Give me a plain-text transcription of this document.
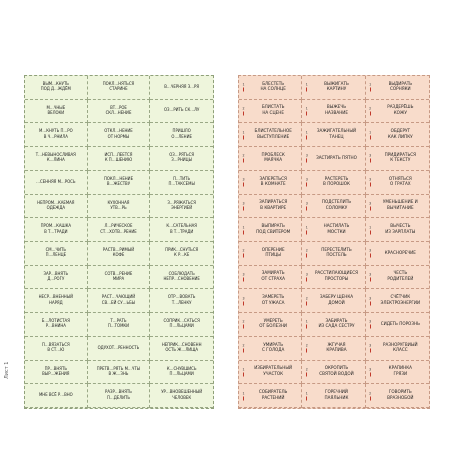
Лист 1
ВЫМ…КНУТЬ
ПОД Д…ЖДЁМ
ПОКЛ…НЯТЬСЯ
СТАРИНЕ
В…ЧЕРНЯЯ З…РЯ
М…ЧНЫЕ
ВЕЛОКИ
ВТ…РОЕ
СКЛ…НЕНИЕ
ОЗ…РИТЬ СК…ЛУ
М…КНУТЬ П…РО
В Ч…РНИЛА
ОТКЛ…НЕНИЕ
ОТ НОРМЫ
ПРИШЛО
О…ЛЕНИЕ
Т…НЕВЫНОСЛИВАЯ
К…ЛИНА
ИСП…ЛЕЕТСЯ
К П…ШЕНИЮ
ОЗ…РЯТЬСЯ
З…РНИЦЫ
…СЕННЯЯ М…РОСЬ
ПОКЛ…НЕНИЕ
В…ЖЕСТВУ
П…ТИТЬ
П…ТАКСЕМЫ
НЕПРОМ…КАЕМАЯ
ОДЕЖДА
КУХОННАЯ
УТВ…РЬ
З…РЯЖАТЬСЯ
ЭНЕРГИЕЙ
ПРОМ…КАШКА
В Т…ТРАДИ
Л…РИЧЕСКОЕ
СТ…ХОТВ…РЕНИЕ
К…САТЕЛЬНАЯ
В Т…ТРАДИ
СМ…ЧИТЬ
П…ЛЕНЦЕ
РАСТВ…РИМЫЙ
КОФЕ
ПРИК…СНУТЬСЯ
К Р…КЕ
ЗАР…ВНЯТЬ
Д…РОГУ
СОТВ…РЕНИЕ
МИРА
СОБЛЮДАТЬ
НЕПР…СНОВЕНИЕ
НЕСР…ВНЕННЫЙ
НАРЯД
РАСТ…ЧАЮЩИЙ
СВ…ЕЙ СУ…ЬБЫ
ОТР…ВОВАТЬ
Т…ЛЕНКУ
Б…ЛОТИСТАЯ
Р…ВНИНА
Т…РАТЬ
П…ТОМКИ
СОПРИК…САТЬСЯ
П…ЛЬЦАМИ
П…ВЯЗАТЬСЯ
В СТ…Ю
ОДУХОТ…РЕННОСТЬ
НЕПРИК…СНОВЕНН
ОСТЬ Ж…ЛИЩА
ПР…ВНЯТЬ
ВЫР…ЖЕНИЯ
ПРЕТВ…РЯТЬ М…ЧТЫ
В Ж…ЗНЬ
К…СНУВШИСЬ
П…ЛЬЦАМИ
МНЕ ВСЁ Р…ВНО
РАЗР…ВНЯТЬ
П…ДЕЛИТЬ
УР…ВНОВЕШЕННЫЙ
ЧЕЛОВЕК
1	БЛЕСТЕТЬ
НА СОЛНЦЕ
1	ВЫЖИГАТЬ
КАРТИНУ
1	ВЫДИРАТЬ
СОРНЯКИ
2	БЛИСТАТЬ
НА СЦЕНЕ
1	ВЫЖЕЧЬ
НАЗВАНИЕ
2	РАЗДЕРЁШЬ
КОЖУ
1 БЛИСТАТЕЛЬНОЕ
ВЫСТУПЛЕНИЕ
1 ЗАЖИГАТЕЛЬНЫЙ
ТАНЕЦ
1	ОБДЕРУТ
КАК ЛИПКУ
2	ПРОБЛЕСК
МАЯЧКА
3 ЗАСТИРАТЬ ПЯТНО	3	ПРИДИРАТЬСЯ
К ТЕКСТУ
3	ЗАПЕРЕТЬСЯ
В КОМНАТЕ
3	РАСТЕРЕТЬ
В ПОРОШОК
3	ОТНЯТЬСЯ
О ГРАТАХ
3	ЗАПИРАТЬСЯ
В КВАРТИРЕ
3	ПОДСТЕЛИТЬ
СОЛОМКУ
3	УМЕНЬШЕНИЕ И
ВЫЧИТАНИЕ
1	ВЫПИРАТЬ
ПОД СВИТЕРОМ
1	НАСТИЛАТЬ
МОСТКИ
1	ВЫЧЕСТЬ
ИЗ ЗАРПЛАТЫ
2	ОПЕРЕНИЕ
ПТИЦЫ
2	ПЕРЕСТЕЛИТЬ
ПОСТЕЛЬ
3	КРАСНОРЕЧИЕ
3	ЗАМИРАТЬ
ОТ СТРАХА
3 РАССТИЛАЮЩИЕСЯ
ПРОСТОРЫ
3	ЧЕСТЬ
РОДИТЕЛЕЙ
3	ЗАМЕРЕТЬ
ОТ УЖАСА
2	ЗАБЕРУ ЩЕНКА
ДОМОЙ
3	СЧЁТЧИК
ЭЛЕКТРОЭНЕРГИИ
2	УМЕРЕТЬ
ОТ БОЛЕЗНИ
1	ЗАБИРАТЬ
ИЗ САДА СЕСТРУ
3 СИДЕТЬ ПОРОЗНЬ
2	УМИРАТЬ
С ГОЛОДА
2	ЖГУЧАЯ
КРАПИВА
3	РАЗНОРУГВИЫЙ
КЛАСС
1 ИЗБИРАТЕЛЬНЫЙ
УЧАСТОК
2	ОКРОПИТЬ
СВЯТОЙ ВОДОЙ
3	КРАПИНКА
ГРЯЗИ
1	СОБИРАТЕЛЬ
РАСТЕНИЙ
1	ГОРЕЧНИЙ
ПАЯЛЬНИК
2	ГОВОРИТЬ
ВРАЗНОБОЙ
